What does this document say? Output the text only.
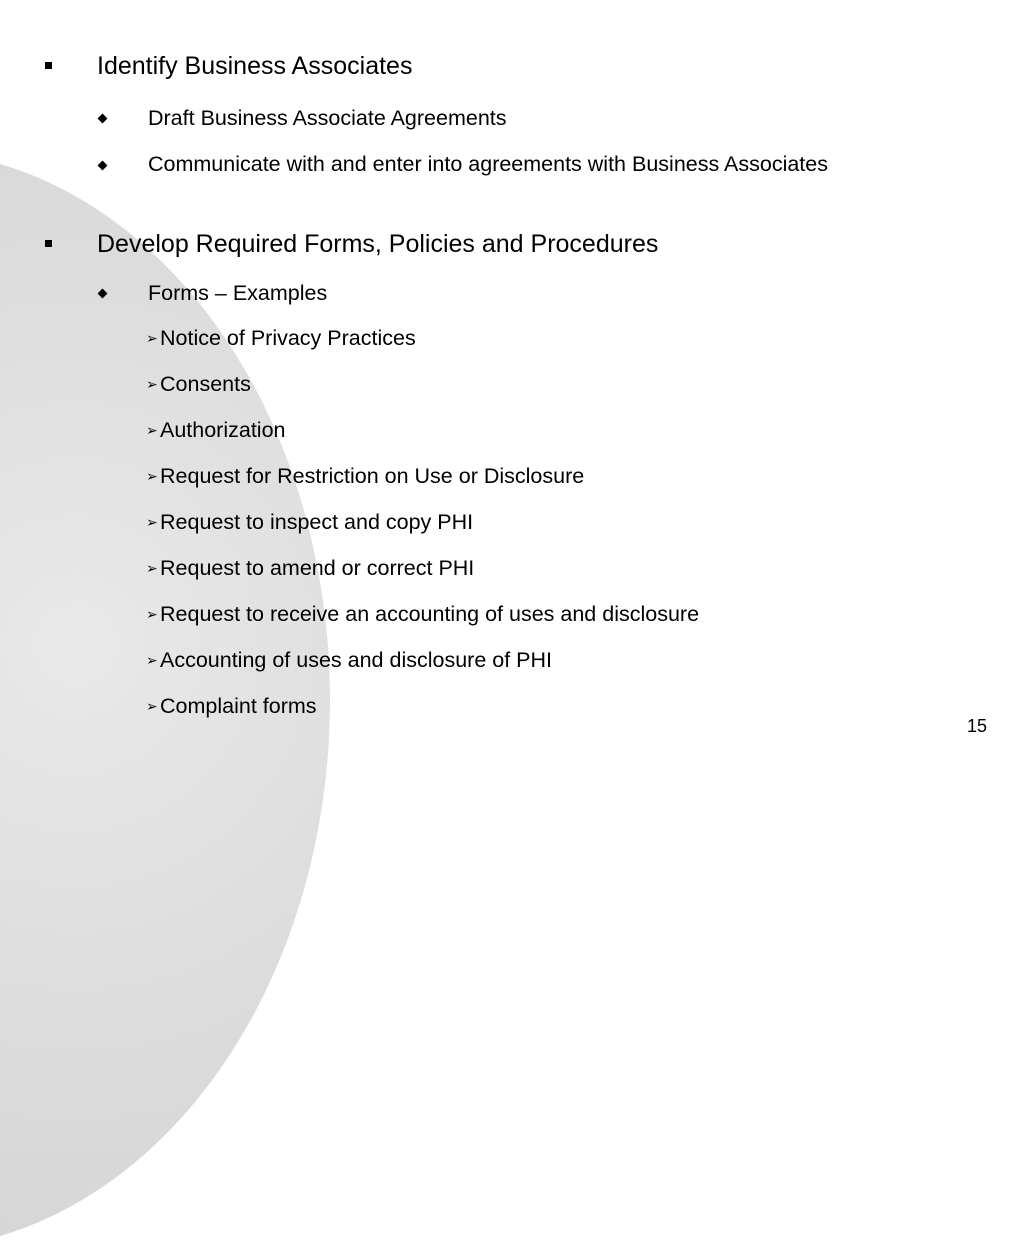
Identify Business Associates
Draft Business Associate Agreements
Communicate with and enter into agreements with Business Associates
Develop Required Forms, Policies and Procedures
Forms – Examples
➢ Notice of Privacy Practices
➢ Consents
➢ Authorization
➢ Request for Restriction on Use or Disclosure
➢ Request to inspect and copy PHI
➢ Request to amend or correct PHI
➢ Request to receive an accounting of uses and disclosure
➢ Accounting of uses and disclosure of PHI
➢ Complaint forms
15
